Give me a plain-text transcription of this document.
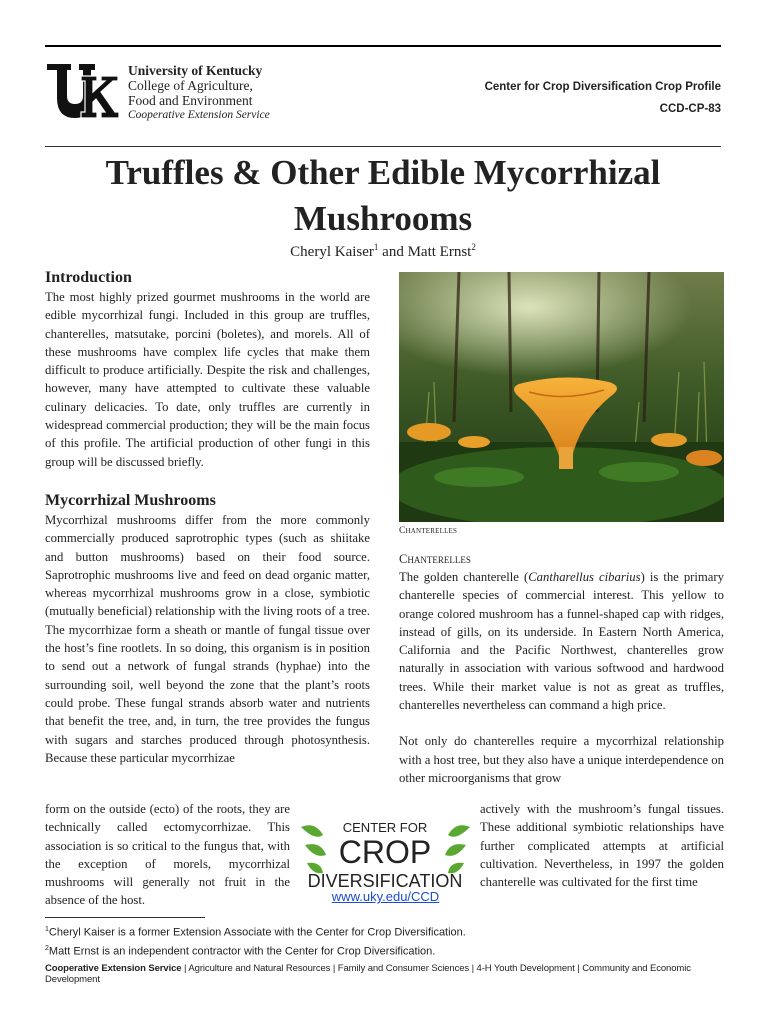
University of Kentucky
College of Agriculture,
Food and Environment
Cooperative Extension Service
Center for Crop Diversification Crop Profile
CCD-CP-83
Truffles & Other Edible Mycorrhizal Mushrooms
Cheryl Kaiser$^1$ and Matt Ernst$^2$
Introduction

The most highly prized gourmet mushrooms in the world are edible mycorrhizal fungi. Included in this group are truffles, chanterelles, matsutake, porcini (boletes), and morels. All of these mushrooms have complex life cycles that make them difficult to produce artificially. Despite the risk and challenges, however, many have attempted to cultivate these valuable culinary delicacies. To date, only truffles are currently in widespread commercial production; they will be the main focus of this profile. The artificial production of other fungi in this group will be discussed briefly.

Mycorrhizal Mushrooms

Mycorrhizal mushrooms differ from the more commonly commercially produced saprotrophic types (such as shiitake and button mushrooms) based on their food source. Saprotrophic mushrooms live and feed on dead organic matter, whereas mycorrhizal mushrooms grow in a close, symbiotic (mutually beneficial) relationship with the living roots of a tree. The mycorrhizae form a sheath or mantle of fungal tissue over the host’s fine rootlets. In so doing, this organism is in position to send out a network of fungal strands (hyphae) into the surrounding soil, well beyond the zone that the plant’s roots could probe. These fungal strands absorb water and nutrients that benefit the tree, and, in turn, the tree provides the fungus with sugars and starches produced through photosynthesis. Because these particular mycorrhizae

Chanterelles
Chanterelles

The golden chanterelle (Cantharellus cibarius) is the primary chanterelle species of commercial interest. This yellow to orange colored mushroom has a funnel-shaped cap with ridges, instead of gills, on its underside. In Eastern North America, California and the Pacific Northwest, chanterelles grow naturally in association with various softwood and hardwood trees. While their market value is not as great as truffles, chanterelles nevertheless can command a high price.

Not only do chanterelles require a mycorrhizal relationship with a host tree, but they also have a unique interdependence on other microorganisms that grow

form on the outside (ecto) of the roots, they are technically called ectomycorrhizae. This association is so critical to the fungus that, with the exception of morels, mycorrhizal mushrooms will generally not fruit in the absence of the host.

CENTER FOR
CROP
DIVERSIFICATION
www.uky.edu/CCD

actively with the mushroom’s fungal tissues. These additional symbiotic relationships have further complicated attempts at artificial cultivation. Nevertheless, in 1997 the golden chanterelle was cultivated for the first time

$^1$Cheryl Kaiser is a former Extension Associate with the Center for Crop Diversification.
$^2$Matt Ernst is an independent contractor with the Center for Crop Diversification.
Cooperative Extension Service | Agriculture and Natural Resources | Family and Consumer Sciences | 4-H Youth Development | Community and Economic Development
